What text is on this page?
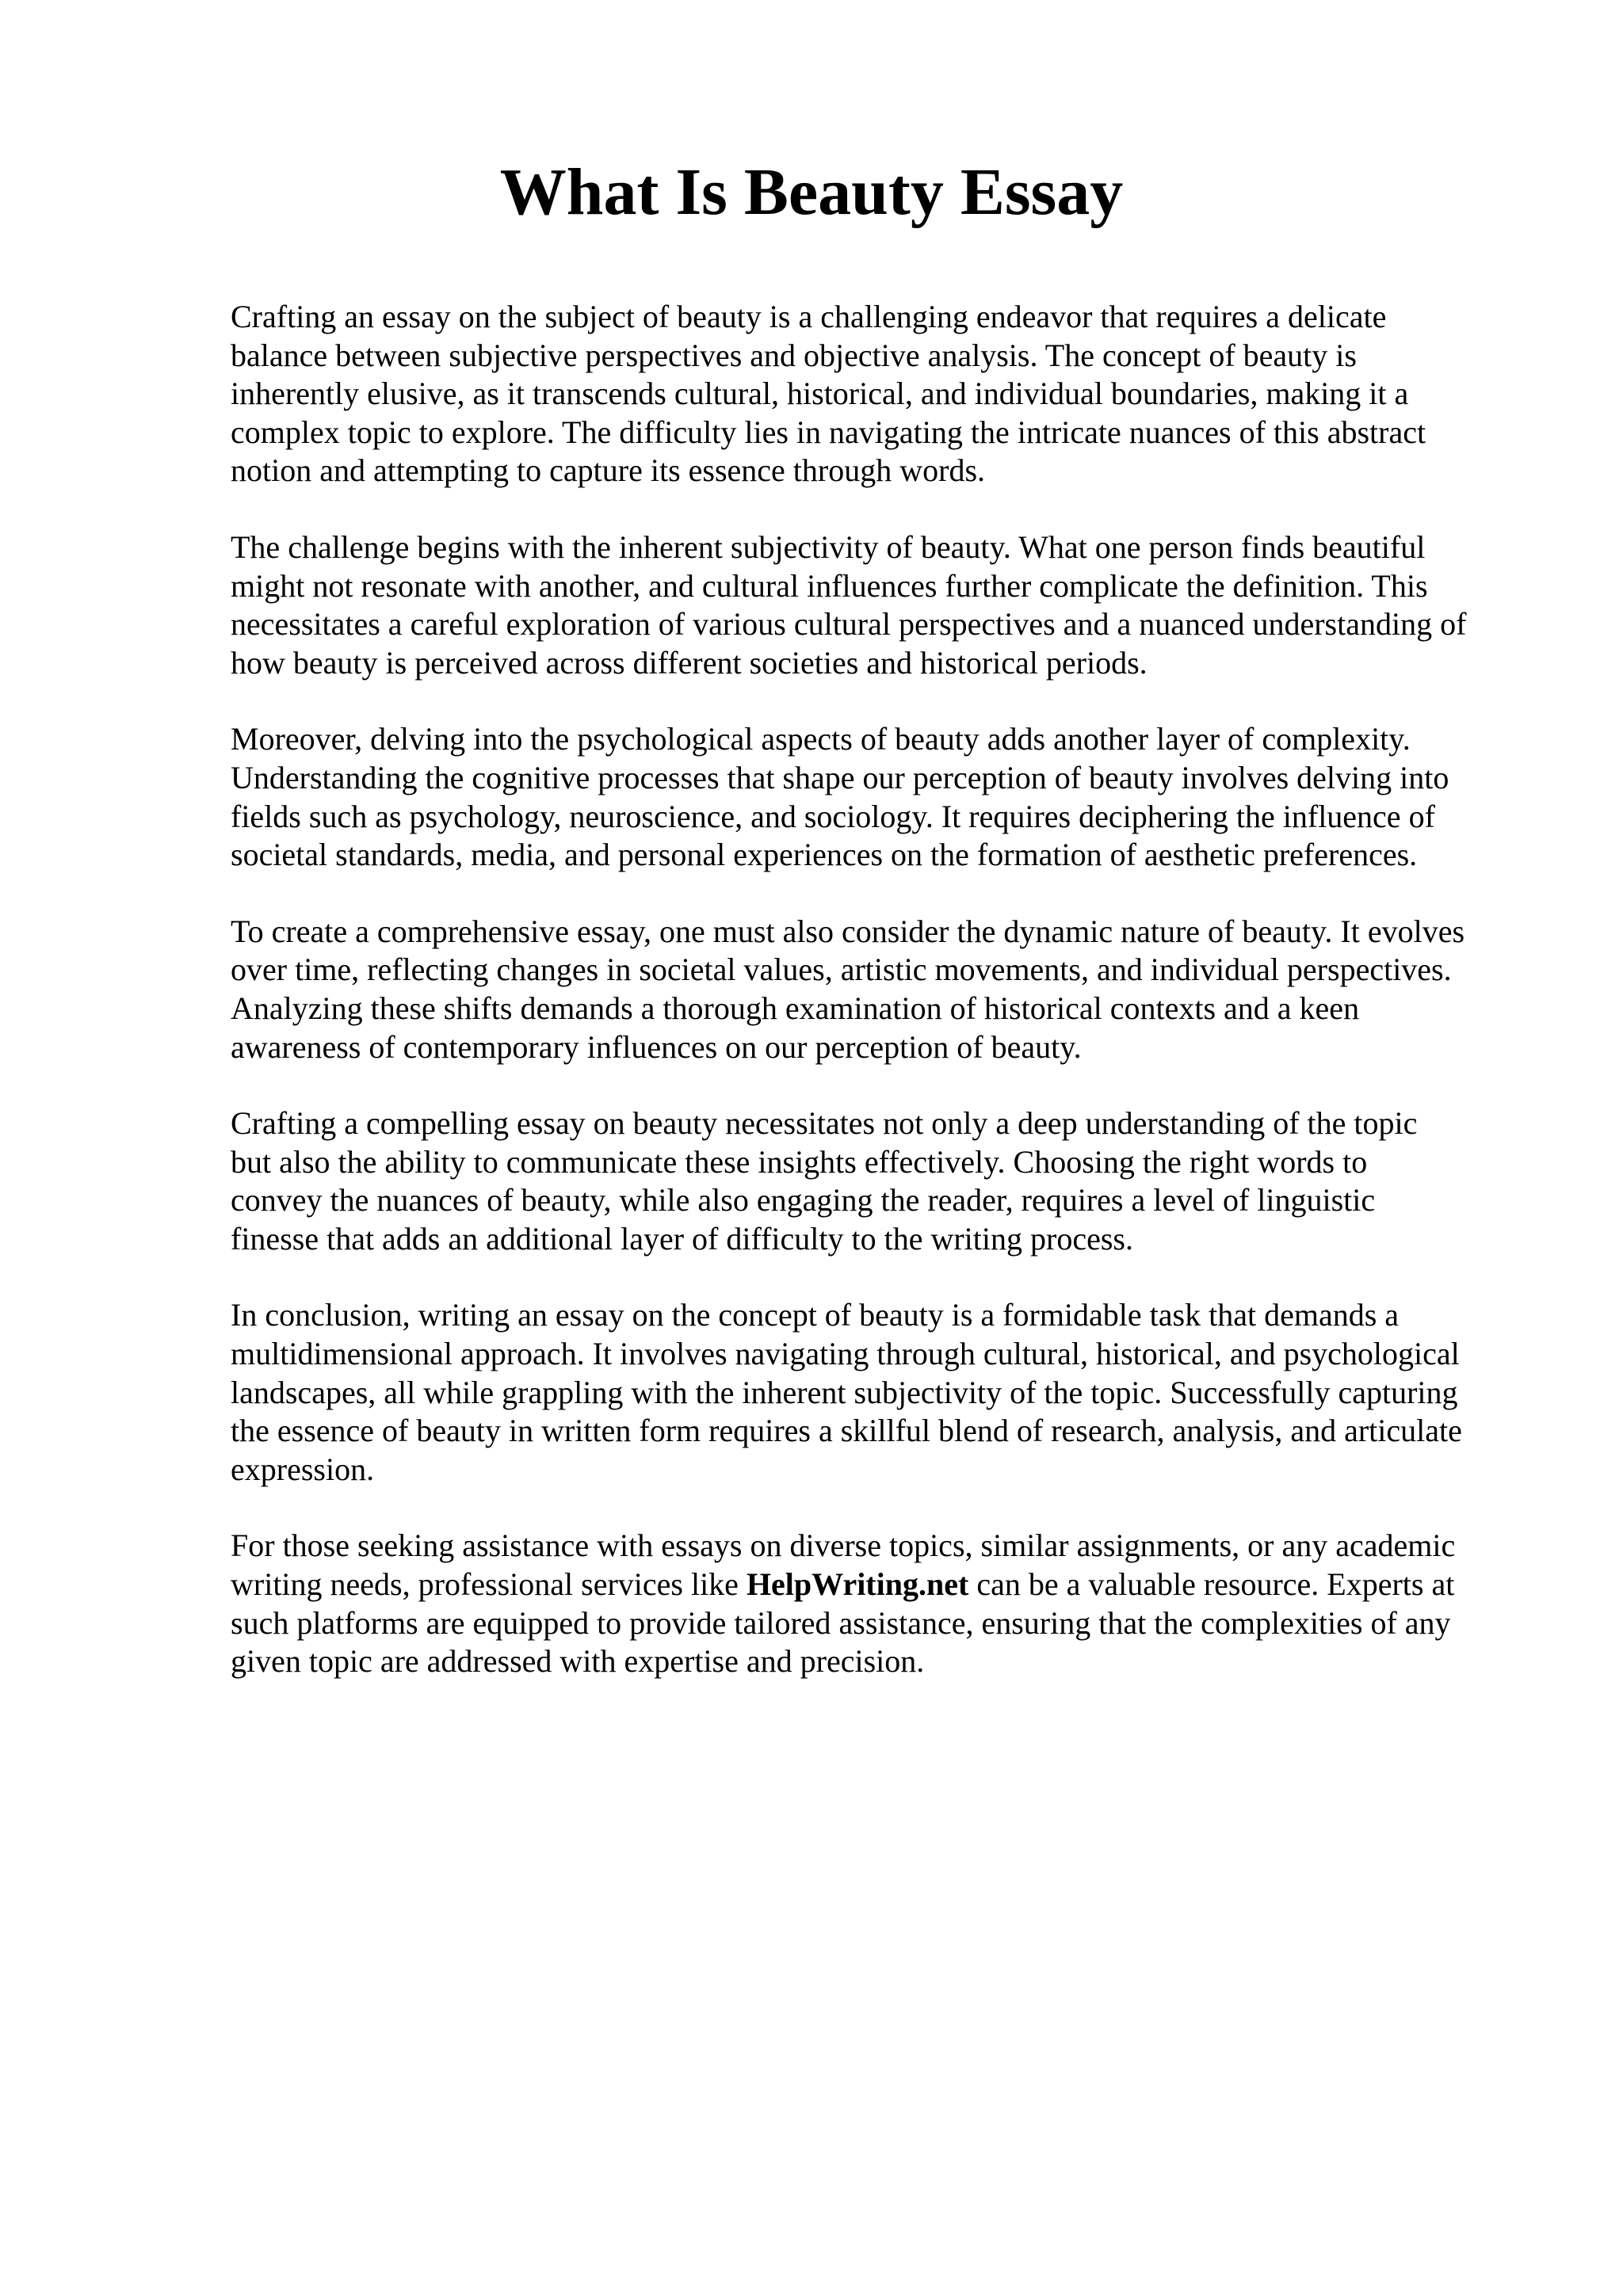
What Is Beauty Essay

Crafting an essay on the subject of beauty is a challenging endeavor that requires a delicate
balance between subjective perspectives and objective analysis. The concept of beauty is
inherently elusive, as it transcends cultural, historical, and individual boundaries, making it a
complex topic to explore. The difficulty lies in navigating the intricate nuances of this abstract
notion and attempting to capture its essence through words.

The challenge begins with the inherent subjectivity of beauty. What one person finds beautiful
might not resonate with another, and cultural influences further complicate the definition. This
necessitates a careful exploration of various cultural perspectives and a nuanced understanding of
how beauty is perceived across different societies and historical periods.

Moreover, delving into the psychological aspects of beauty adds another layer of complexity.
Understanding the cognitive processes that shape our perception of beauty involves delving into
fields such as psychology, neuroscience, and sociology. It requires deciphering the influence of
societal standards, media, and personal experiences on the formation of aesthetic preferences.

To create a comprehensive essay, one must also consider the dynamic nature of beauty. It evolves
over time, reflecting changes in societal values, artistic movements, and individual perspectives.
Analyzing these shifts demands a thorough examination of historical contexts and a keen
awareness of contemporary influences on our perception of beauty.

Crafting a compelling essay on beauty necessitates not only a deep understanding of the topic
but also the ability to communicate these insights effectively. Choosing the right words to
convey the nuances of beauty, while also engaging the reader, requires a level of linguistic
finesse that adds an additional layer of difficulty to the writing process.

In conclusion, writing an essay on the concept of beauty is a formidable task that demands a
multidimensional approach. It involves navigating through cultural, historical, and psychological
landscapes, all while grappling with the inherent subjectivity of the topic. Successfully capturing
the essence of beauty in written form requires a skillful blend of research, analysis, and articulate
expression.

For those seeking assistance with essays on diverse topics, similar assignments, or any academic
writing needs, professional services like HelpWriting.net can be a valuable resource. Experts at
such platforms are equipped to provide tailored assistance, ensuring that the complexities of any
given topic are addressed with expertise and precision.
